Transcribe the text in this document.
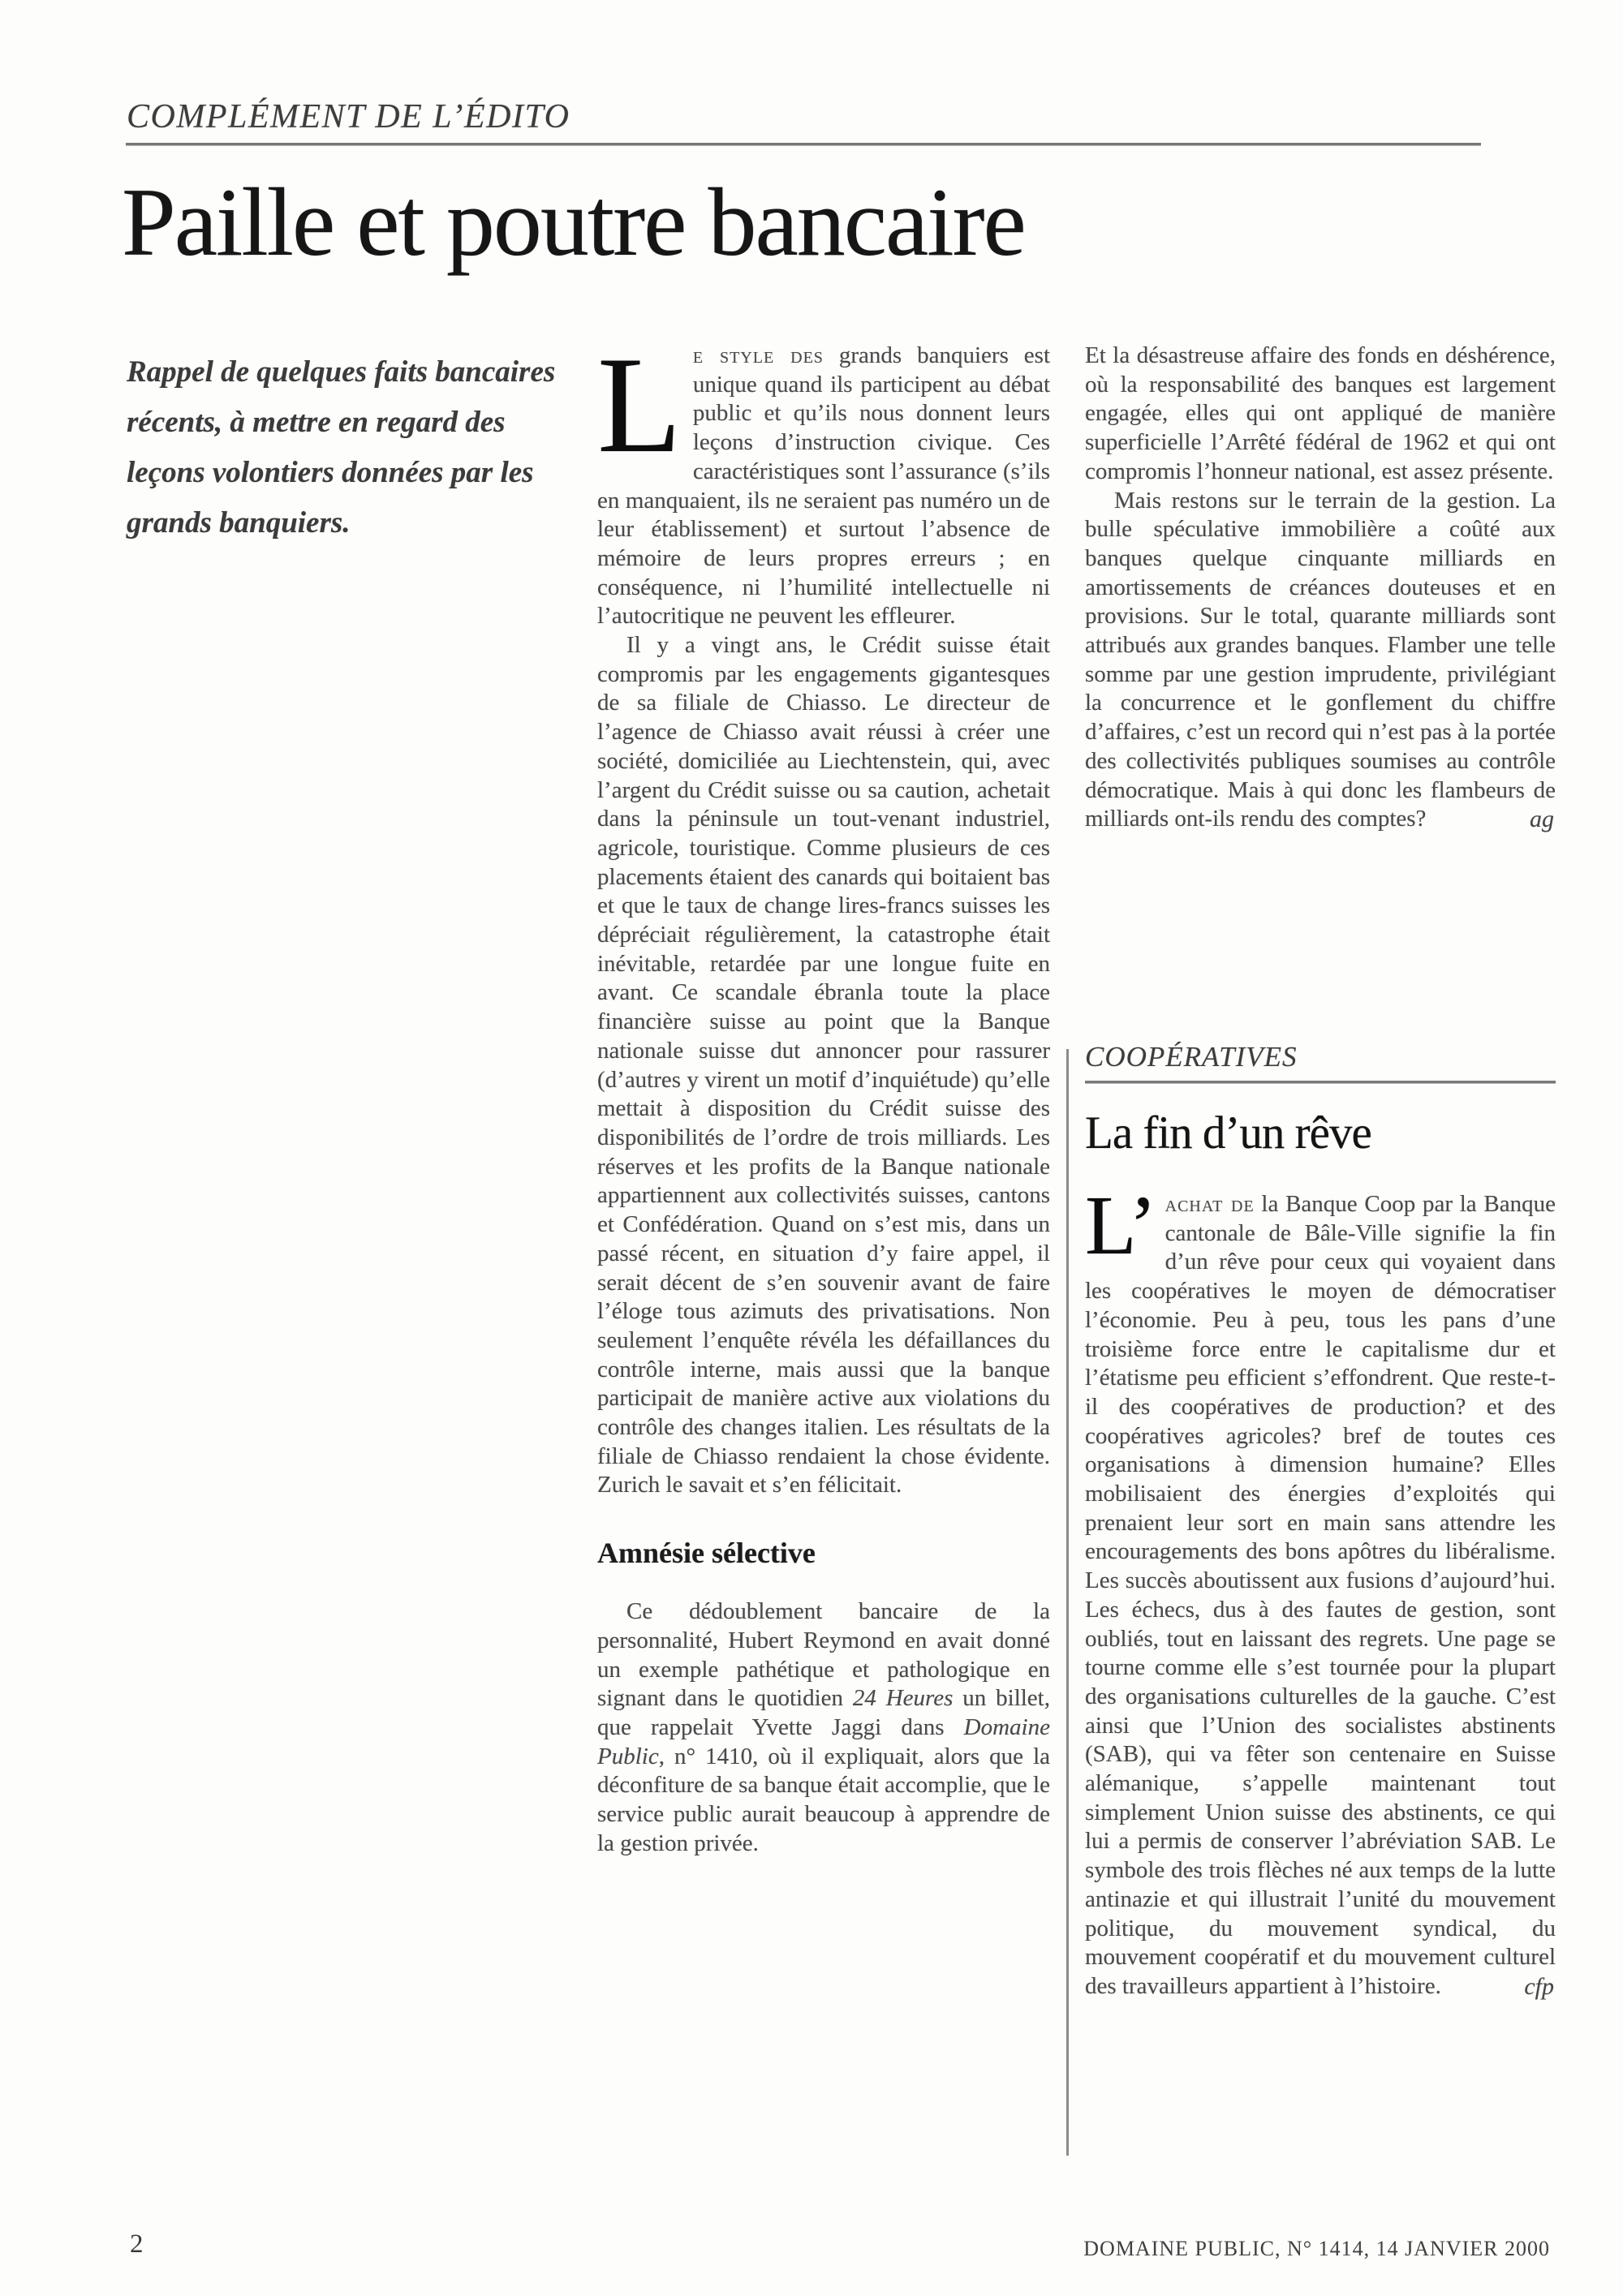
COMPLÉMENT DE L’ÉDITO
Paille et poutre bancaire
Rappel de quelques faits bancaires récents, à mettre en regard des leçons volontiers données par les grands banquiers.

Le style des grands banquiers est unique quand ils participent au débat public et qu’ils nous donnent leurs leçons d’instruction civique. Ces caractéristiques sont l’assurance (s’ils en manquaient, ils ne seraient pas numéro un de leur établissement) et surtout l’absence de mémoire de leurs propres erreurs ; en conséquence, ni l’humilité intellectuelle ni l’autocritique ne peuvent les effleurer.

Il y a vingt ans, le Crédit suisse était compromis par les engagements gigantesques de sa filiale de Chiasso. Le directeur de l’agence de Chiasso avait réussi à créer une société, domiciliée au Liechtenstein, qui, avec l’argent du Crédit suisse ou sa caution, achetait dans la péninsule un tout-venant industriel, agricole, touristique. Comme plusieurs de ces placements étaient des canards qui boitaient bas et que le taux de change lires-francs suisses les dépréciait régulièrement, la catastrophe était inévitable, retardée par une longue fuite en avant. Ce scandale ébranla toute la place financière suisse au point que la Banque nationale suisse dut annoncer pour rassurer (d’autres y virent un motif d’inquiétude) qu’elle mettait à disposition du Crédit suisse des disponibilités de l’ordre de trois milliards. Les réserves et les profits de la Banque nationale appartiennent aux collectivités suisses, cantons et Confédération. Quand on s’est mis, dans un passé récent, en situation d’y faire appel, il serait décent de s’en souvenir avant de faire l’éloge tous azimuts des privatisations. Non seulement l’enquête révéla les défaillances du contrôle interne, mais aussi que la banque participait de manière active aux violations du contrôle des changes italien. Les résultats de la filiale de Chiasso rendaient la chose évidente. Zurich le savait et s’en félicitait.

Amnésie sélective

Ce dédoublement bancaire de la personnalité, Hubert Reymond en avait donné un exemple pathétique et pathologique en signant dans le quotidien 24 Heures un billet, que rappelait Yvette Jaggi dans Domaine Public, n° 1410, où il expliquait, alors que la déconfiture de sa banque était accomplie, que le service public aurait beaucoup à apprendre de la gestion privée.

Et la désastreuse affaire des fonds en déshérence, où la responsabilité des banques est largement engagée, elles qui ont appliqué de manière superficielle l’Arrêté fédéral de 1962 et qui ont compromis l’honneur national, est assez présente.

Mais restons sur le terrain de la gestion. La bulle spéculative immobilière a coûté aux banques quelque cinquante milliards en amortissements de créances douteuses et en provisions. Sur le total, quarante milliards sont attribués aux grandes banques. Flamber une telle somme par une gestion imprudente, privilégiant la concurrence et le gonflement du chiffre d’affaires, c’est un record qui n’est pas à la portée des collectivités publiques soumises au contrôle démocratique. Mais à qui donc les flambeurs de milliards ont-ils rendu des comptes?	ag

COOPÉRATIVES
La fin d’un rêve

L’ achat de la Banque Coop par la Banque cantonale de Bâle-Ville signifie la fin d’un rêve pour ceux qui voyaient dans les coopératives le moyen de démocratiser l’économie. Peu à peu, tous les pans d’une troisième force entre le capitalisme dur et l’étatisme peu efficient s’effondrent. Que reste-t-il des coopératives de production? et des coopératives agricoles? bref de toutes ces organisations à dimension humaine? Elles mobilisaient des énergies d’exploités qui prenaient leur sort en main sans attendre les encouragements des bons apôtres du libéralisme. Les succès aboutissent aux fusions d’aujourd’hui. Les échecs, dus à des fautes de gestion, sont oubliés, tout en laissant des regrets. Une page se tourne comme elle s’est tournée pour la plupart des organisations culturelles de la gauche. C’est ainsi que l’Union des socialistes abstinents (SAB), qui va fêter son centenaire en Suisse alémanique, s’appelle maintenant tout simplement Union suisse des abstinents, ce qui lui a permis de conserver l’abréviation SAB. Le symbole des trois flèches né aux temps de la lutte antinazie et qui illustrait l’unité du mouvement politique, du mouvement syndical, du mouvement coopératif et du mouvement culturel des travailleurs appartient à l’histoire.	cfp

2	DOMAINE PUBLIC, N° 1414, 14 JANVIER 2000
